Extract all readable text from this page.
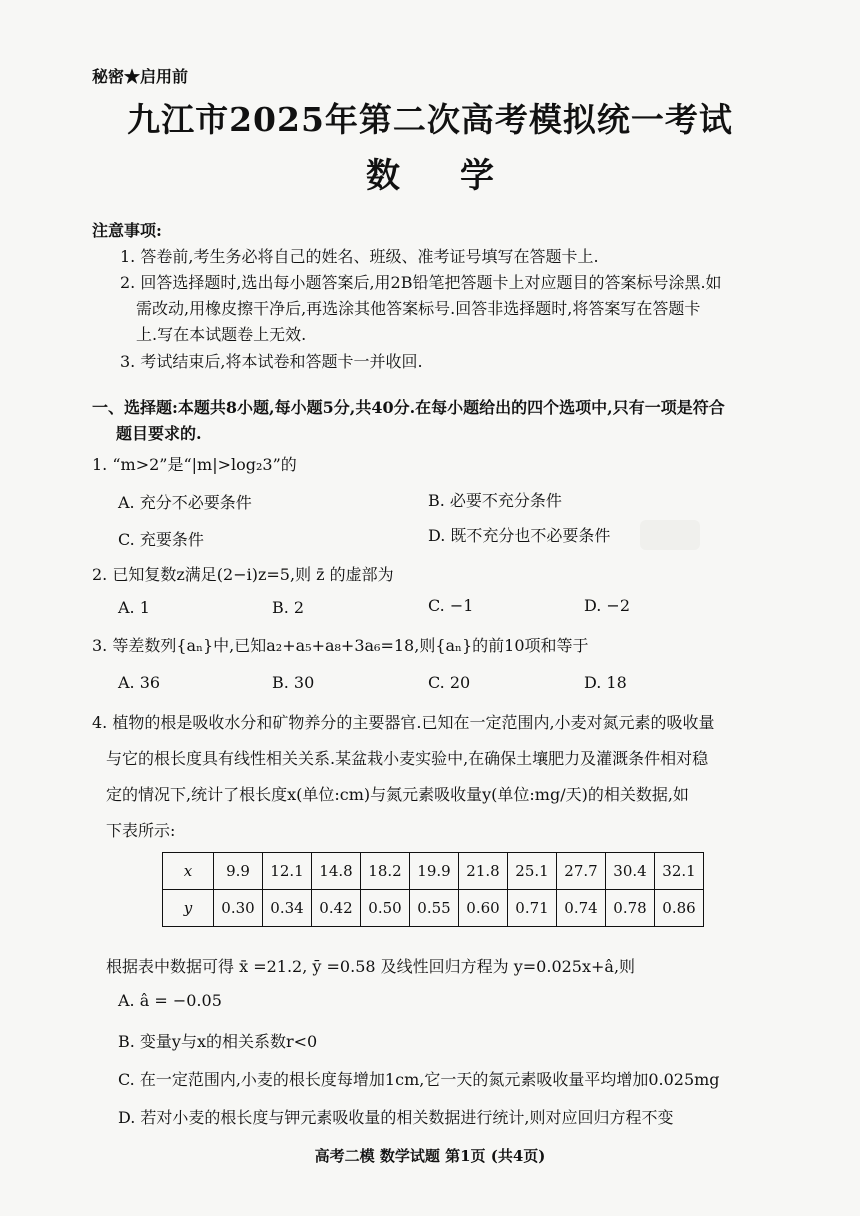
秘密★启用前
九江市2025年第二次高考模拟统一考试
数学
注意事项:
1. 答卷前,考生务必将自己的姓名、班级、准考证号填写在答题卡上.
2. 回答选择题时,选出每小题答案后,用2B铅笔把答题卡上对应题目的答案标号涂黑.如
需改动,用橡皮擦干净后,再选涂其他答案标号.回答非选择题时,将答案写在答题卡
上.写在本试题卷上无效.
3. 考试结束后,将本试卷和答题卡一并收回.
一、选择题:本题共8小题,每小题5分,共40分.在每小题给出的四个选项中,只有一项是符合
题目要求的.
1. “m>2”是“|m|>log₂3”的
A. 充分不必要条件	B. 必要不充分条件
C. 充要条件	D. 既不充分也不必要条件
2. 已知复数z满足(2−i)z=5,则 z̄ 的虚部为
A. 1	B. 2	C. −1	D. −2
3. 等差数列{aₙ}中,已知a₂+a₅+a₈+3a₆=18,则{aₙ}的前10项和等于
A. 36	B. 30	C. 20	D. 18
4. 植物的根是吸收水分和矿物养分的主要器官.已知在一定范围内,小麦对氮元素的吸收量
与它的根长度具有线性相关关系.某盆栽小麦实验中,在确保土壤肥力及灌溉条件相对稳
定的情况下,统计了根长度x(单位:cm)与氮元素吸收量y(单位:mg/天)的相关数据,如
下表所示:
x	9.9	12.1	14.8	18.2	19.9	21.8	25.1	27.7	30.4	32.1
y	0.30	0.34	0.42	0.50	0.55	0.60	0.71	0.74	0.78	0.86
根据表中数据可得 x̄ =21.2, ȳ =0.58 及线性回归方程为 y=0.025x+â,则
A. â = −0.05
B. 变量y与x的相关系数r<0
C. 在一定范围内,小麦的根长度每增加1cm,它一天的氮元素吸收量平均增加0.025mg
D. 若对小麦的根长度与钾元素吸收量的相关数据进行统计,则对应回归方程不变
高考二模 数学试题 第1页 (共4页)
